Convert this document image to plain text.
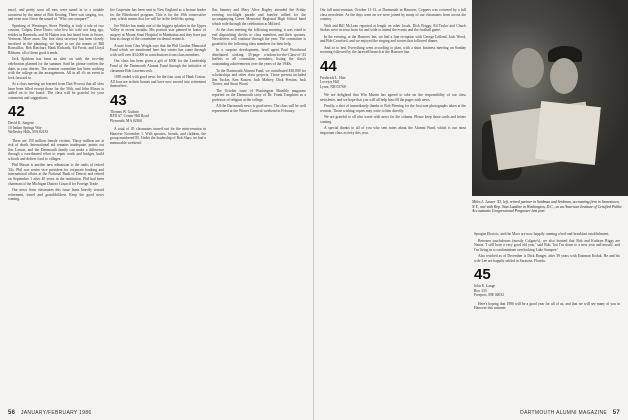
ence), and pretty soon all ears were tuned in to a notable raconteur by the name of Bob Keating. There was singing, too, and even now I hear the sound of "Who can compare?"

Speaking of Wessinger, Steve Weinlig is truly a tale of two cousins. Calpin, Dave Davis, who lost his wife not long ago, resides in Bermuda, and Al Hatton was last heard from at Stowe, Vermont. More anon. Our fine class secretary has been closely involved in the planning; we hope to see the names of Bill Roussillac, Bob Rinchart, Hank Richards, Ed Frech, and Lloyd Ribbans, all of them good friends.

Jack Sjoblom has been an alert on with the two-day celebration planned for the summer. Said he: please confirm the dates in your diaries. The reunion committee has been working with the college on the arrangements. All in all it's an event to look forward to.

At a class meeting we learned from Dan Provost that all slots have been filled except those for the 50th, and John Moses is added on to the board. The class will be grateful for your comments and suggestions.

42
David K. Sargent
10 Indian Springs Way
Wellesley Hills, MA 02181

There are 150 million female victims. Thirty million are at risk of death. International aid remains inadequate, points out Jim Larson, and the Dartmouth family can make a difference through a coordinated effort to repair roads and bridges, build schools and deliver food to villages.

Phil Mason is another new admission to the ranks of retired '42s. Phil was senior vice president for corporate banking and international affairs at the National Bank of Detroit and retired on September 1 after 40 years in the institution. Phil had been chairman of the Michigan District Council for Foreign Trade.

Our news from classmates this issue leans heavily toward retirement, travel and grandchildren. Keep the good news coming.

Joe Carpenter has been sent to New England as a lecture leader for the Elderhostel program. This is for the 19th consecutive year, which means that Joe will be in the field this spring.

Joe Wilder has made one of the biggest splashes in the Upper Valley in recent months. His portrait was painted in honor of surgery at Mount Sinai Hospital in Manhattan and they have put him in charge of the committee on dental research.

A note from Glen Wright says that the Phil Gordon Memorial Fund which we mentioned here last winter has come through with well over $14,000 in contributions from class members.

Our class has been given a gift of $500 for the Leadership Fund of the Dartmouth Alumni Fund through the initiative of classmate Bob Leavenworth.

1985 ended with good news for the four sons of Hank Cotton. All four are in their homes and have now moved into retirement themselves.

43
Thomas W. Guthrie
RFD #7, Center Hill Road
Plymouth, MA 02360

A total of 45 classmates turned out for the mini-reunion in Hanover November 1. With spouses, friends, and children, the group numbered 85. Under the leadership of Bob Shaw we had a memorable weekend.

Jim Sauntry and Mary Alice Bagley attended the Friday evening torchlight parade and bonfire rallied for the accompanying Green Memorial Regional High School band which rode through the celebration at Milford.

At the class meeting the following morning, it was voted to end dispatching checks to class members and their spouses. Newsletters will continue through the year. The committee is grateful to the following class members for their help.

In a surprise development, head agent Paul Woodward distributed striking 35-page wisdom-for-the-Class-of-'43 leaflets to all committee members, listing the class's outstanding achievements over the years of the 1940s.

To the Dartmouth Alumni Fund, we contributed $18,000 for scholarships and other class projects. Those present included Jim Tucker, Ken Kasten, Jack Mabrey, Dick Preston, Jack Trotter, and Stout Wood.

The October issue of Washington Monthly magazine reported on the Dartmouth story of Dr. Frank Tompkins as a professor of religion at the college.

All the Dartmouth news is good news. The class will be well represented at the Winter Carnival weekend in February.

56 JANUARY/FEBRUARY 1986

Our fall mini-reunion, October 11-13, at Dartmouth in Hanover, Coppers was crowned by a full class newsletter. As the days went on we were joined by many of our classmates from across the country.

Walt and Bill McLean reported at length on other locals. Dick Briggs, Ed Taylor and Chuck Stokes were in town from far and wide to attend the events and the football game.

In the evening, at the Hanover Inn, we had a fine reception with George Lelland, Jack Wood, and Bob Crawford, and we enjoyed the singing and stories that followed dinner.

And so to bed. Everything went according to plan, with a short business meeting on Sunday morning followed by the farewell brunch at the Hanover Inn.

44
Frederick L. Hier
Lovejoy Hill
Lyme, NH 03768

We are delighted that Win Martin has agreed to take on the responsibility of our class newsletter, and we hope that you will all help him fill the pages with news.

Finally, a shot of immediately thanks to Bob Fleming for the first-rate photographs taken at the reunion. Those wishing copies may write to him directly.

We are grateful to all who wrote with news for the column. Please keep those cards and letters coming.

A special thanks to all of you who sent notes about the Alumni Fund, which is our most important class activity this year.

Miles L. Lasser '43, left, retired partner in Seidman and Seidman, accounting firm in Jamestown, N.Y., met with Rep. Stan Lundine in Washington, D.C., as an American Institute of Certified Public Accountants Congressional Prognoser last year.

Sprague Electric, and the Macs are now happily running a bed-and-breakfast establishment.

Between touchdowns (mostly Colgate's), we also learned that Bob and Kathryn Riggs are Nanas. 'I still have a very good old year,' said Bob, 'but I'm down to a new year and myself, and I'm living in a condominium overlooking Lake Sunapee.'

Also reached as of December is Dick Ranger, after 39 years with Eastman Kodak. He and his wife Lee are happily settled in Sarasota, Florida.

45
John E. Lange
Box 133
Freeport, ME 04032

Here's hoping that 1986 will be a good year for all of us, and that we will see many of you in Hanover this summer.

DARTMOUTH ALUMNI MAGAZINE 57
